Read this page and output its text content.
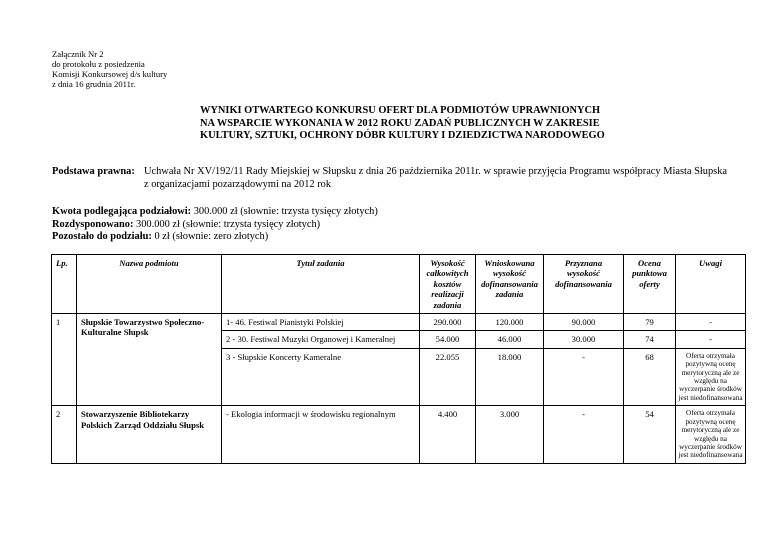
Załącznik Nr 2
do protokołu z posiedzenia
Komisji Konkursowej d/s kultury
z dnia 16 grudnia 2011r.
WYNIKI OTWARTEGO KONKURSU OFERT DLA PODMIOTÓW UPRAWNIONYCH
NA WSPARCIE WYKONANIA W 2012 ROKU ZADAŃ PUBLICZNYCH W ZAKRESIE
KULTURY, SZTUKI, OCHRONY DÓBR KULTURY I DZIEDZICTWA NARODOWEGO
Podstawa prawna: Uchwała Nr XV/192/11 Rady Miejskiej w Słupsku z dnia 26 października 2011r. w sprawie przyjęcia Programu współpracy Miasta Słupska z organizacjami pozarządowymi na 2012 rok
Kwota podlegająca podziałowi: 300.000 zł (słownie: trzysta tysięcy złotych)
Rozdysponowano: 300.000 zł (słownie: trzysta tysięcy złotych)
Pozostało do podziału: 0 zł (słownie: zero złotych)
Lp.	Nazwa podmiotu	Tytuł zadania	Wysokość całkowitych kosztów realizacji zadania	Wnioskowana wysokość dofinansowania zadania	Przyznana wysokość dofinansowania	Ocena punktowa oferty	Uwagi
1	Słupskie Towarzystwo Społeczno-Kulturalne Słupsk	1- 46. Festiwal Pianistyki Polskiej	290.000	120.000	90.000	79	-
		2 - 30. Festiwal Muzyki Organowej i Kameralnej	54.000	46.000	30.000	74	-
		3 - Słupskie Koncerty Kameralne	22.055	18.000	-	68	Oferta otrzymała pozytywną ocenę merytoryczną ale ze względu na wyczerpanie środków jest niedofinansowana
2	Stowarzyszenie Bibliotekarzy Polskich Zarząd Oddziału Słupsk	- Ekologia informacji w środowisku regionalnym	4.400	3.000	-	54	Oferta otrzymała pozytywną ocenę merytoryczną ale ze względu na wyczerpanie środków jest niedofinansowana
